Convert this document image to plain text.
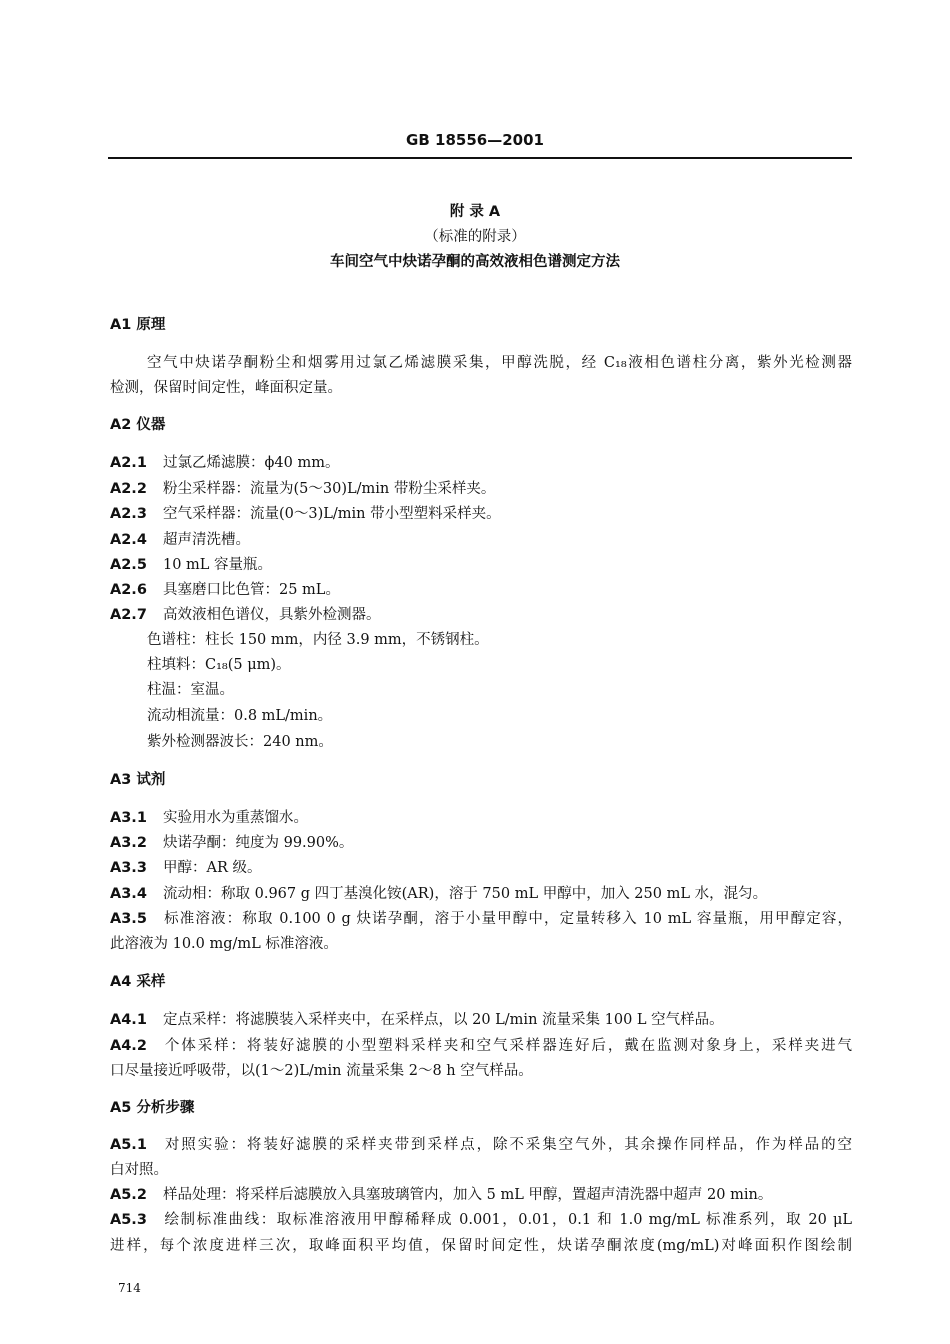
GB 18556—2001
附 录 A
（标准的附录）
车间空气中炔诺孕酮的高效液相色谱测定方法
A1 原理
空气中炔诺孕酮粉尘和烟雾用过氯乙烯滤膜采集，甲醇洗脱，经 C₁₈液相色谱柱分离，紫外光检测器
检测，保留时间定性，峰面积定量。
A2 仪器
A3 试剂
此溶液为 10.0 mg/mL 标准溶液。
A4 采样
口尽量接近呼吸带，以(1～2)L/min 流量采集 2～8 h 空气样品。
A5 分析步骤
白对照。
进样，每个浓度进样三次，取峰面积平均值，保留时间定性，炔诺孕酮浓度(mg/mL)对峰面积作图绘制
714
A2.1 过氯乙烯滤膜：ϕ40 mm。
A2.2 粉尘采样器：流量为(5～30)L/min 带粉尘采样夹。
A2.3 空气采样器：流量(0～3)L/min 带小型塑料采样夹。
A2.4 超声清洗槽。
A2.5 10 mL 容量瓶。
A2.6 具塞磨口比色管：25 mL。
A2.7 高效液相色谱仪，具紫外检测器。
色谱柱：柱长 150 mm，内径 3.9 mm，不锈钢柱。
柱填料：C₁₈(5 μm)。
柱温：室温。
流动相流量：0.8 mL/min。
紫外检测器波长：240 nm。
A3.1 实验用水为重蒸馏水。
A3.2 炔诺孕酮：纯度为 99.90%。
A3.3 甲醇：AR 级。
A3.4 流动相：称取 0.967 g 四丁基溴化铵(AR)，溶于 750 mL 甲醇中，加入 250 mL 水，混匀。
A3.5 标准溶液：称取 0.100 0 g 炔诺孕酮，溶于小量甲醇中，定量转移入 10 mL 容量瓶，用甲醇定容，
A4.1 定点采样：将滤膜装入采样夹中，在采样点，以 20 L/min 流量采集 100 L 空气样品。
A4.2 个体采样：将装好滤膜的小型塑料采样夹和空气采样器连好后，戴在监测对象身上，采样夹进气
A5.1 对照实验：将装好滤膜的采样夹带到采样点，除不采集空气外，其余操作同样品，作为样品的空
A5.2 样品处理：将采样后滤膜放入具塞玻璃管内，加入 5 mL 甲醇，置超声清洗器中超声 20 min。
A5.3 绘制标准曲线：取标准溶液用甲醇稀释成 0.001，0.01，0.1 和 1.0 mg/mL 标准系列，取 20 μL
